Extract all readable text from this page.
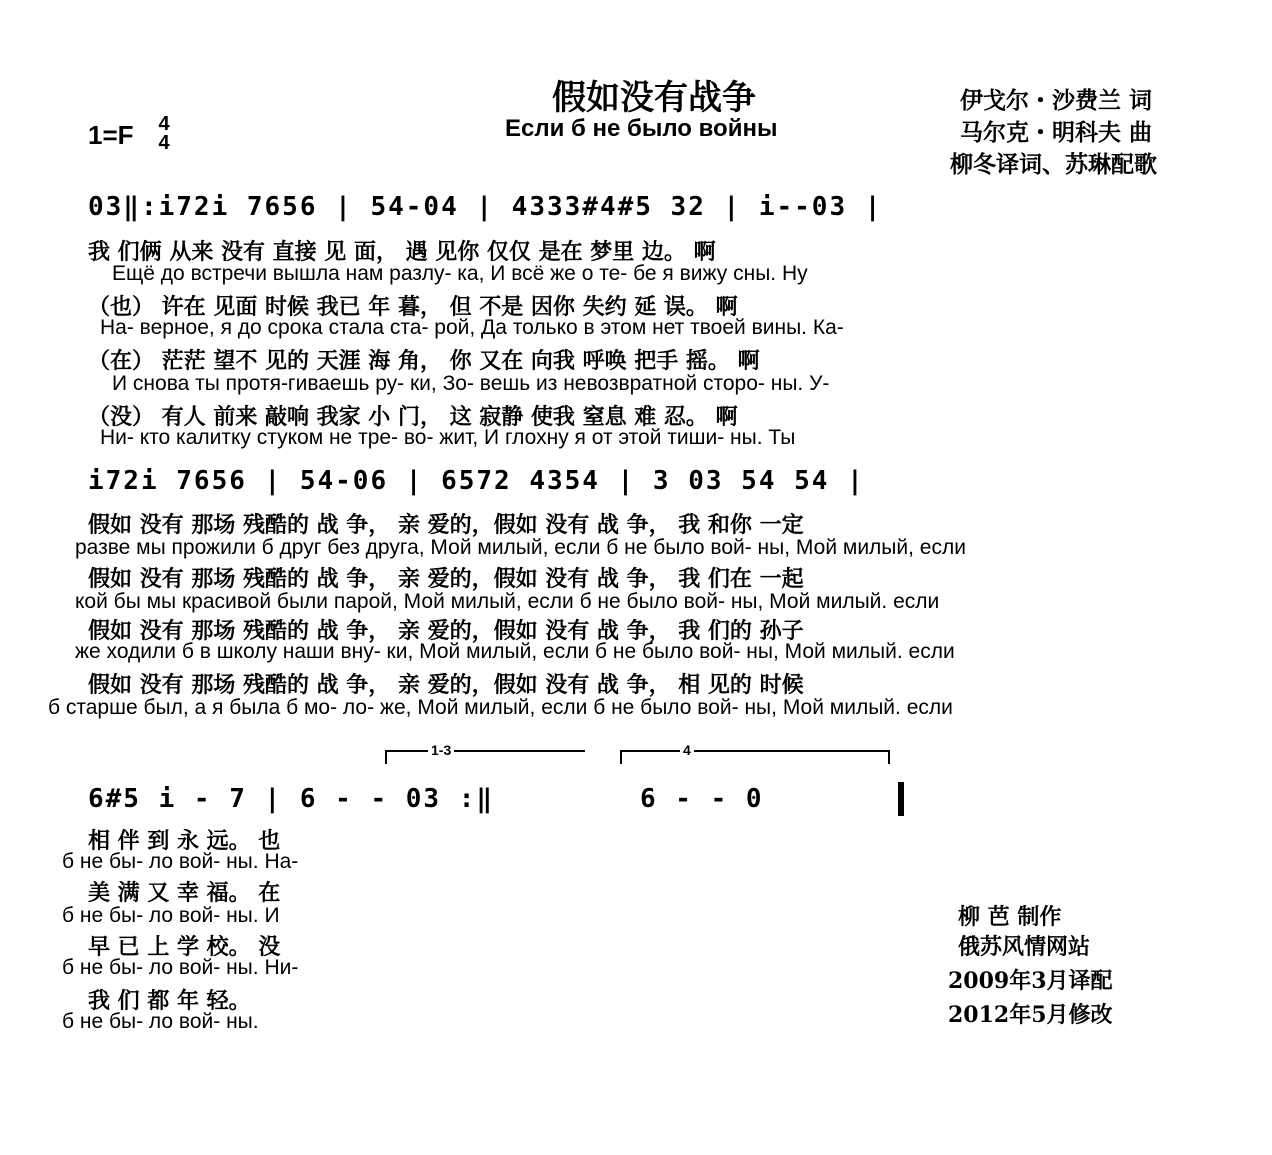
假如没有战争
Если б не было войны
伊戈尔・沙费兰 词
马尔克・明科夫 曲
柳冬译词、苏琳配歌
1=F 4
4
03‖:i72i 7656 | 54-04 | 4333#4#5 32 | i--03 |
我 们俩 从来 没有 直接 见 面， 遇 见你 仅仅 是在 梦里 边。 啊
Ещё до встречи вышла нам разлу- ка, И всё же о те- бе я вижу сны. Ну
（也） 许在 见面 时候 我已 年 暮， 但 不是 因你 失约 延 误。 啊
На- верное, я до срока стала ста- рой, Да только в этом нет твоей вины. Ка-
（在） 茫茫 望不 见的 天涯 海 角， 你 又在 向我 呼唤 把手 摇。 啊
И снова ты протя-гиваешь ру- ки, Зо- вешь из невозвратной сторо- ны. У-
（没） 有人 前来 敲响 我家 小 门， 这 寂静 使我 窒息 难 忍。 啊
Ни- кто калитку стуком не тре- во- жит, И глохну я от этой тиши- ны. Ты
i72i 7656 | 54-06 | 6572 4354 | 3 03 54 54 |
假如 没有 那场 残酷的 战 争， 亲 爱的，假如 没有 战 争， 我 和你 一定
разве мы прожили б друг без друга, Мой милый, если б не было вой- ны, Мой милый, если
假如 没有 那场 残酷的 战 争， 亲 爱的，假如 没有 战 争， 我 们在 一起
кой бы мы красивой были парой, Мой милый, если б не было вой- ны, Мой милый. если
假如 没有 那场 残酷的 战 争， 亲 爱的，假如 没有 战 争， 我 们的 孙子
же ходили б в школу наши вну- ки, Мой милый, если б не было вой- ны, Мой милый. если
假如 没有 那场 残酷的 战 争， 亲 爱的，假如 没有 战 争， 相 见的 时候
б старше был, а я была б мо- ло- же, Мой милый, если б не было вой- ны, Мой милый. если
1-3	4
6#5 i - 7 | 6 - - 03 :‖	6 - - 0
相 伴 到 永 远。 也
б не бы- ло вой- ны. На-
美 满 又 幸 福。 在
б не бы- ло вой- ны. И
早 已 上 学 校。 没
б не бы- ло вой- ны. Ни-
我 们 都 年 轻。
б не бы- ло вой- ны.
柳 芭 制作
俄苏风情网站
2009年3月译配
2012年5月修改
